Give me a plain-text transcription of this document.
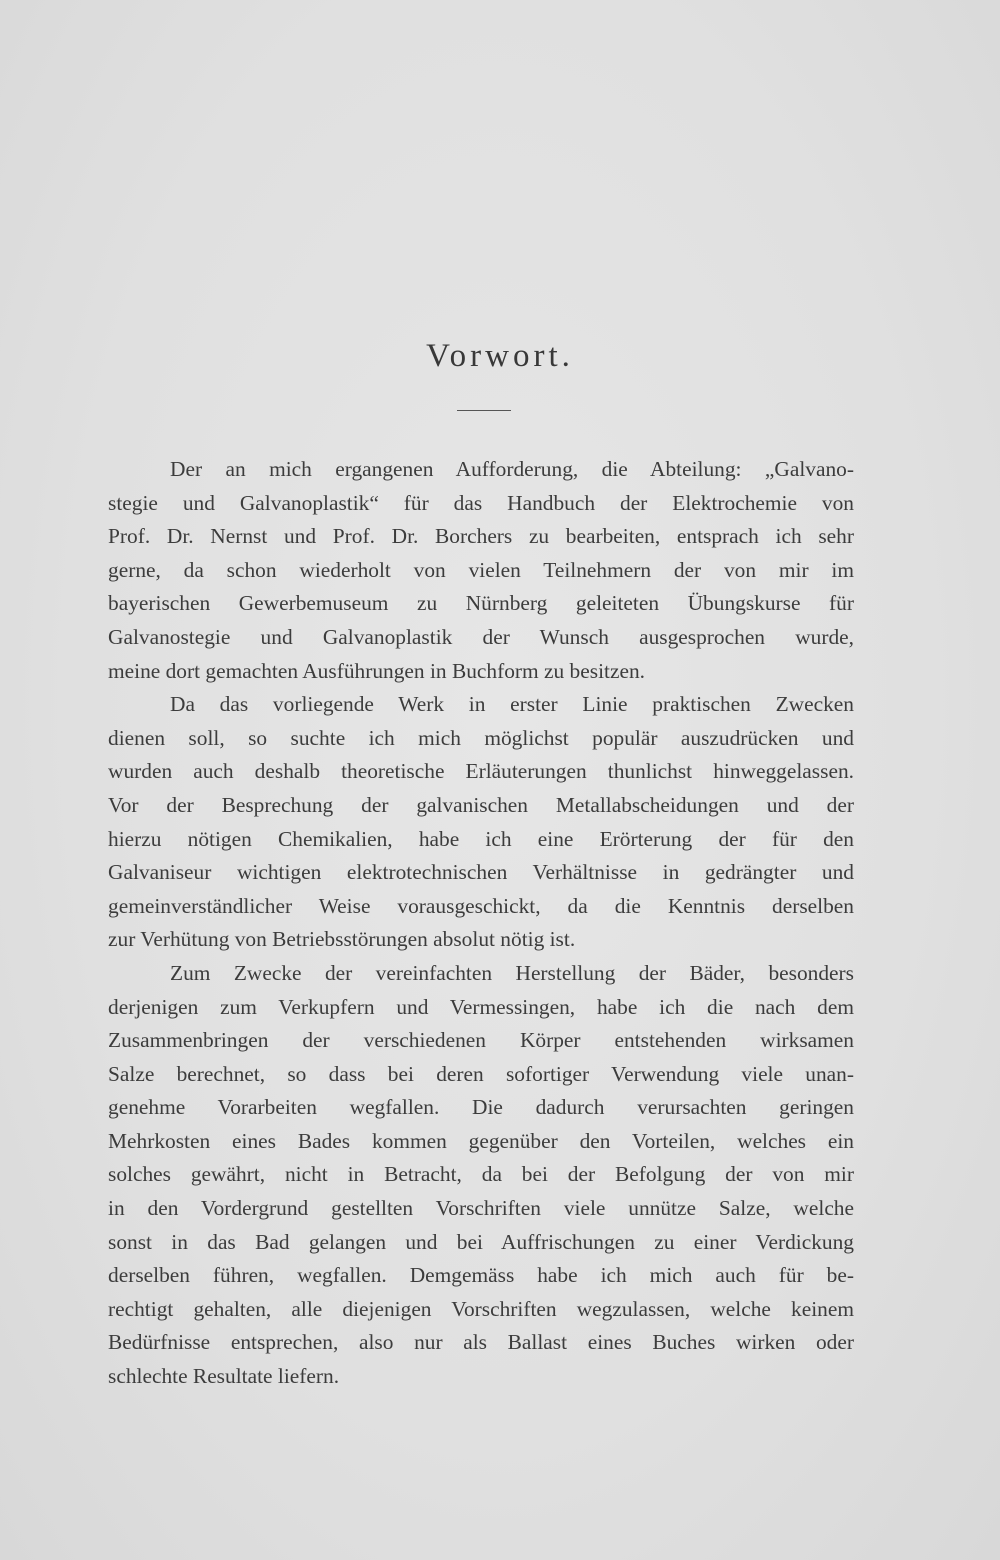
Vorwort.
Der an mich ergangenen Aufforderung, die Abteilung: „Galvano-
stegie und Galvanoplastik“ für das Handbuch der Elektrochemie von
Prof. Dr. Nernst und Prof. Dr. Borchers zu bearbeiten, entsprach ich sehr
gerne, da schon wiederholt von vielen Teilnehmern der von mir im
bayerischen Gewerbemuseum zu Nürnberg geleiteten Übungskurse für
Galvanostegie und Galvanoplastik der Wunsch ausgesprochen wurde,
meine dort gemachten Ausführungen in Buchform zu besitzen.
Da das vorliegende Werk in erster Linie praktischen Zwecken
dienen soll, so suchte ich mich möglichst populär auszudrücken und
wurden auch deshalb theoretische Erläuterungen thunlichst hinweggelassen.
Vor der Besprechung der galvanischen Metallabscheidungen und der
hierzu nötigen Chemikalien, habe ich eine Erörterung der für den
Galvaniseur wichtigen elektrotechnischen Verhältnisse in gedrängter und
gemeinverständlicher Weise vorausgeschickt, da die Kenntnis derselben
zur Verhütung von Betriebsstörungen absolut nötig ist.
Zum Zwecke der vereinfachten Herstellung der Bäder, besonders
derjenigen zum Verkupfern und Vermessingen, habe ich die nach dem
Zusammenbringen der verschiedenen Körper entstehenden wirksamen
Salze berechnet, so dass bei deren sofortiger Verwendung viele unan-
genehme Vorarbeiten wegfallen. Die dadurch verursachten geringen
Mehrkosten eines Bades kommen gegenüber den Vorteilen, welches ein
solches gewährt, nicht in Betracht, da bei der Befolgung der von mir
in den Vordergrund gestellten Vorschriften viele unnütze Salze, welche
sonst in das Bad gelangen und bei Auffrischungen zu einer Verdickung
derselben führen, wegfallen. Demgemäss habe ich mich auch für be-
rechtigt gehalten, alle diejenigen Vorschriften wegzulassen, welche keinem
Bedürfnisse entsprechen, also nur als Ballast eines Buches wirken oder
schlechte Resultate liefern.
